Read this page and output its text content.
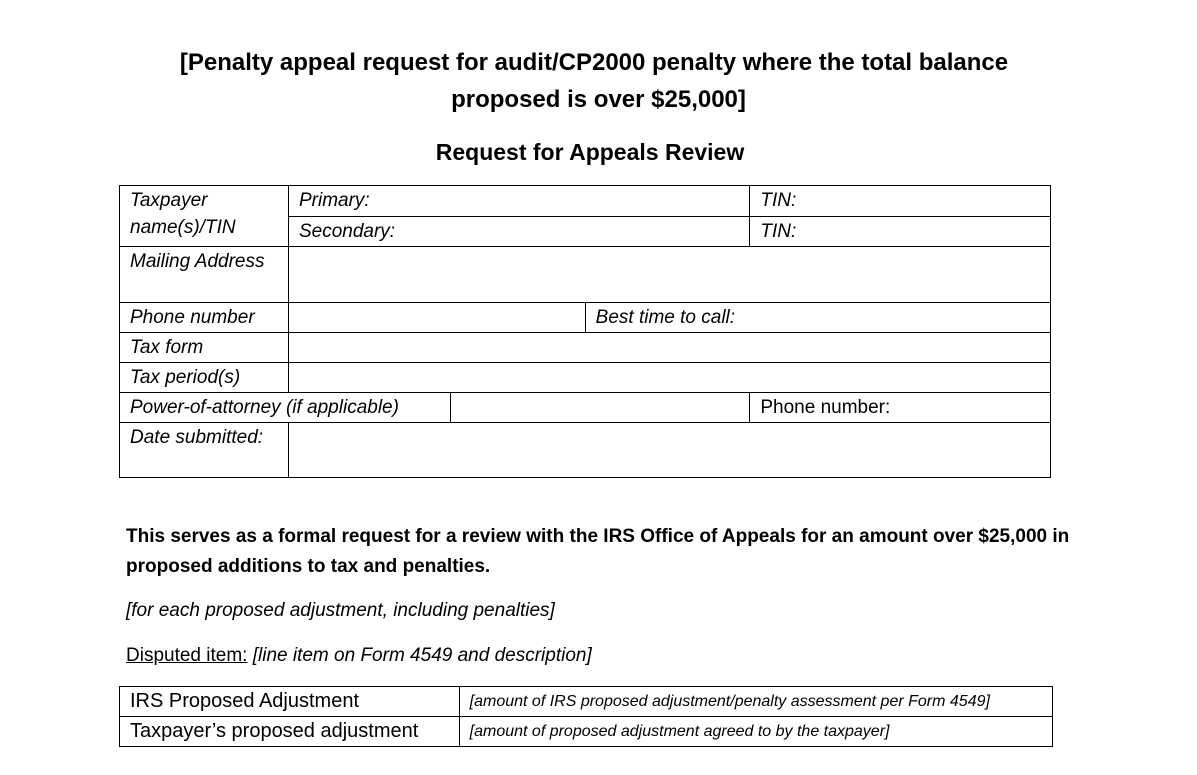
[Penalty appeal request for audit/CP2000 penalty where the total balance
proposed is over $25,000]
Request for Appeals Review
Taxpayer name(s)/TIN	Primary:			TIN:
	Secondary:			TIN:
Mailing Address				
Phone number			Best time to call:	
Tax form				
Tax period(s)				
Power-of-attorney (if applicable)				Phone number:
Date submitted:				
This serves as a formal request for a review with the IRS Office of Appeals for an amount over $25,000 in proposed additions to tax and penalties.
[for each proposed adjustment, including penalties]
Disputed item: [line item on Form 4549 and description]
IRS Proposed Adjustment	[amount of IRS proposed adjustment/penalty assessment per Form 4549]
Taxpayer’s proposed adjustment	[amount of proposed adjustment agreed to by the taxpayer]
